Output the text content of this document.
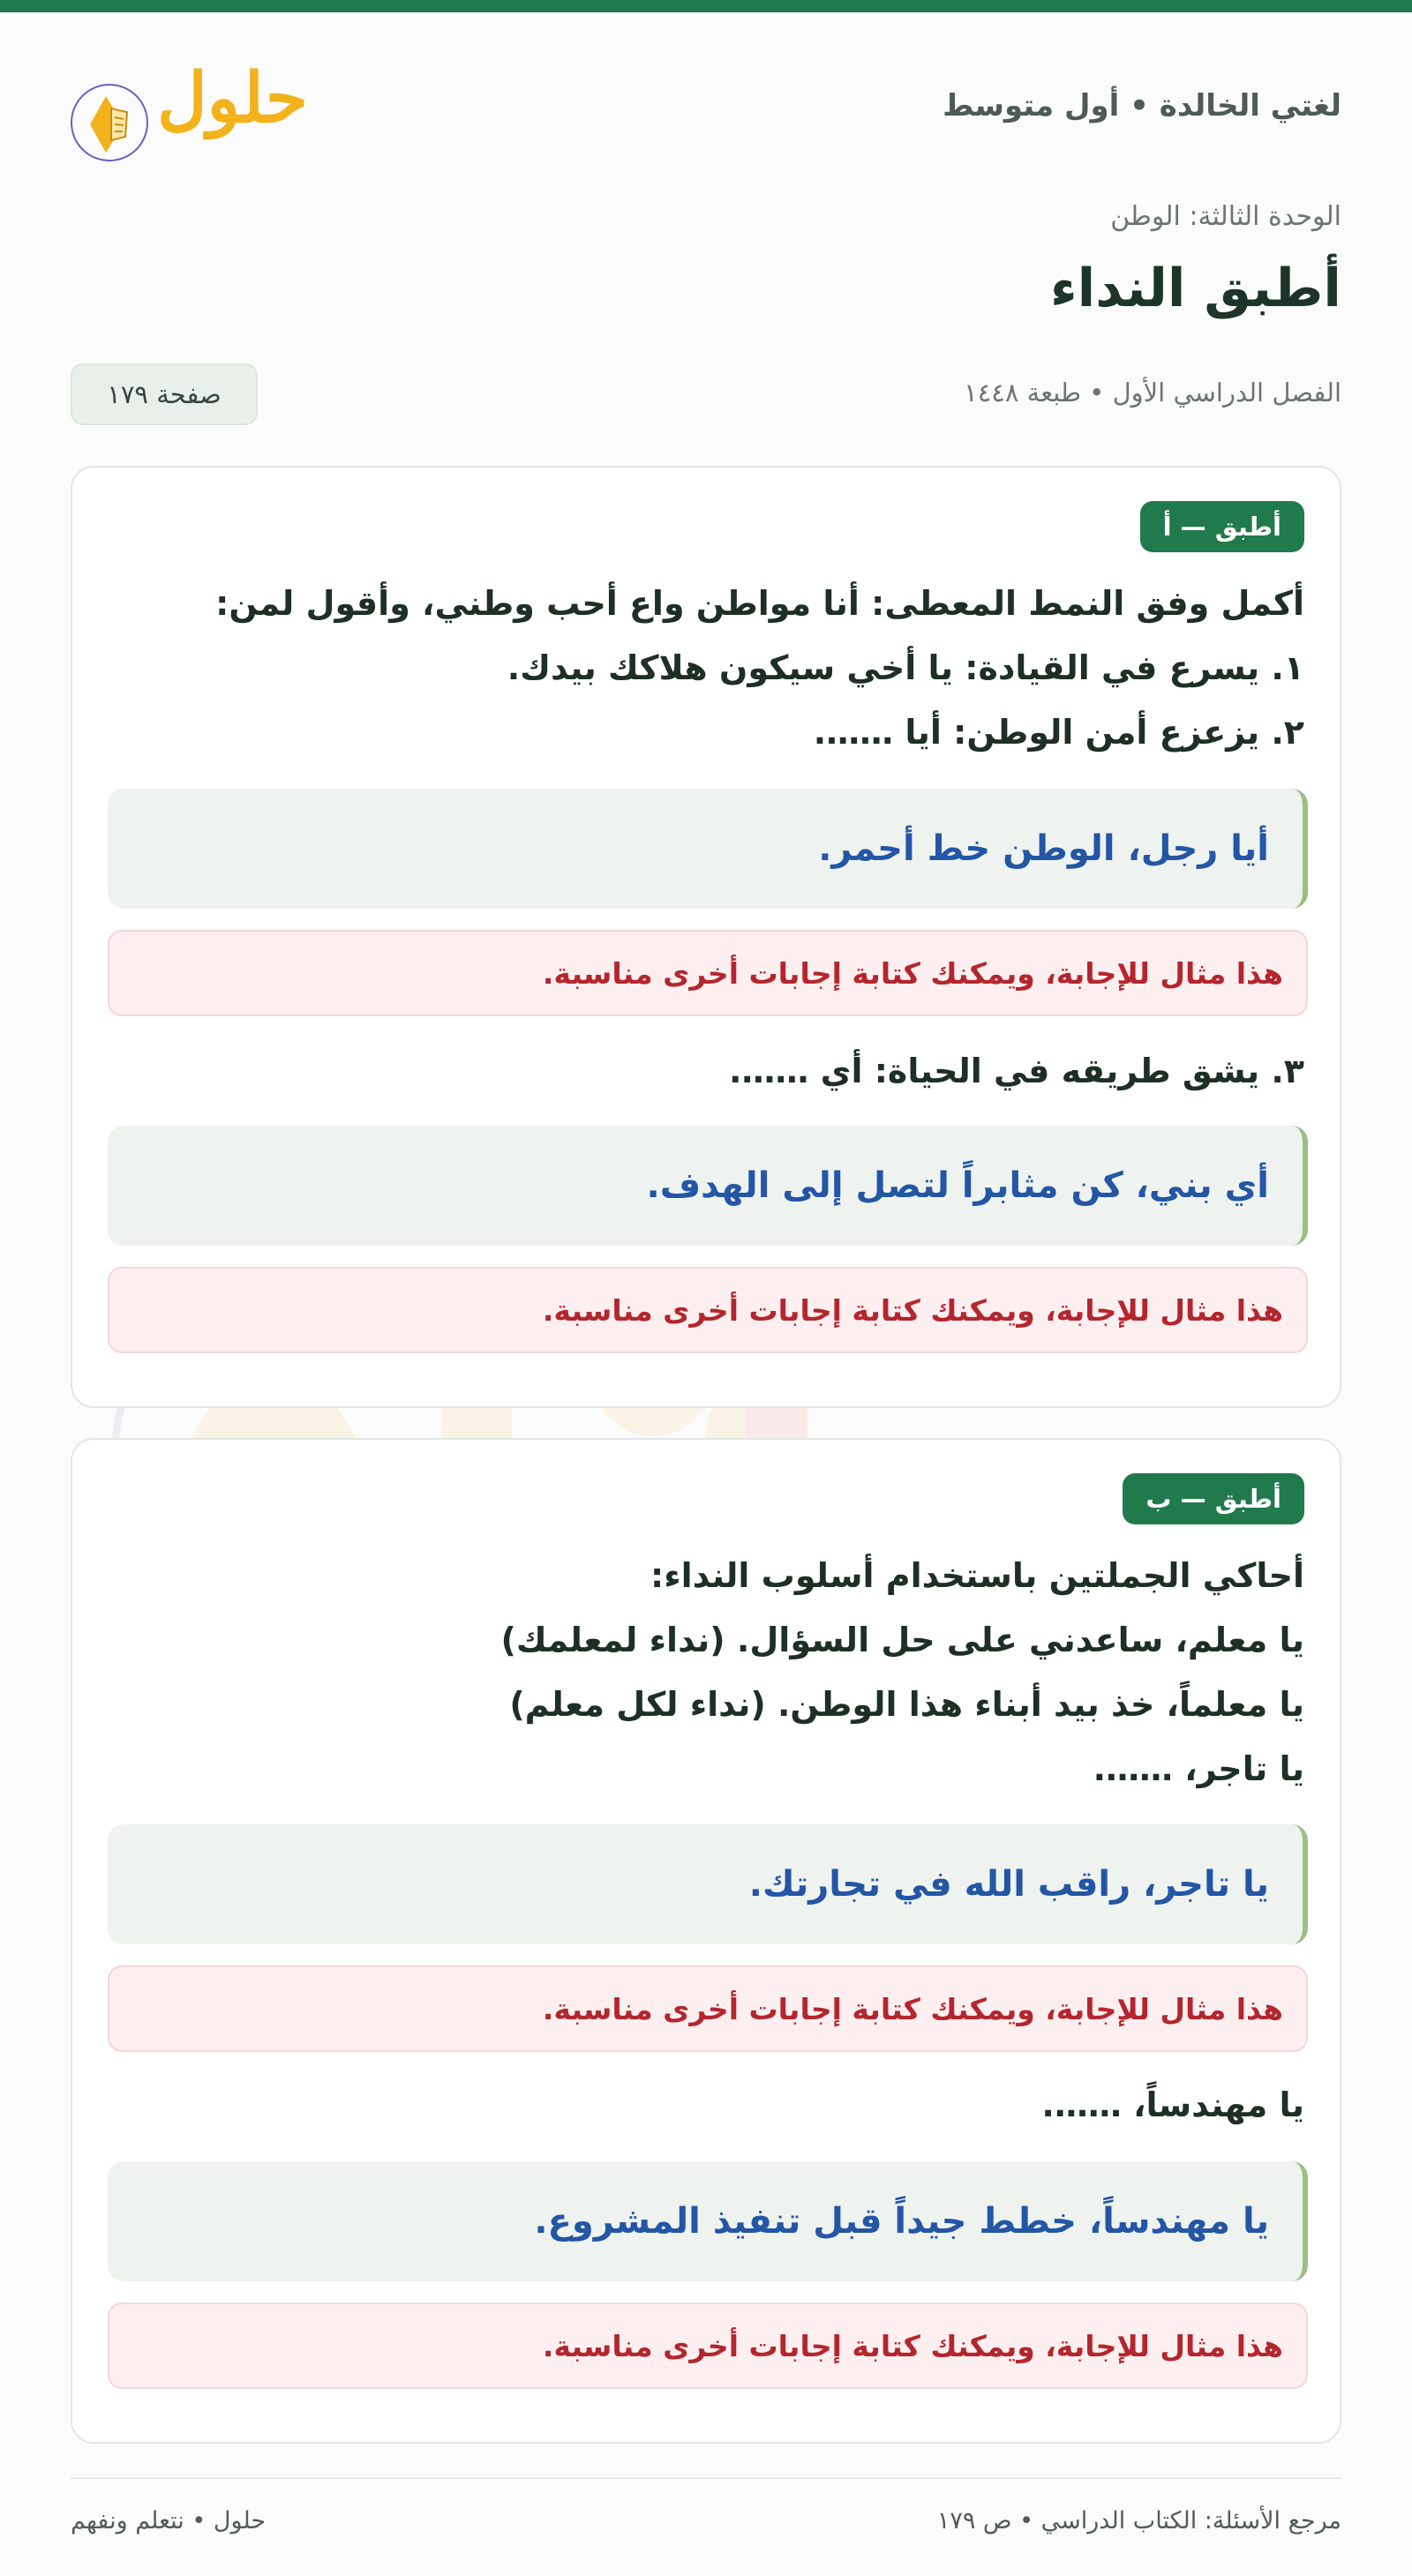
لغتي الخالدة • أول متوسط
حلول
الوحدة الثالثة: الوطن
أطبق النداء
الفصل الدراسي الأول • طبعة ١٤٤٨
صفحة ١٧٩
أطبق — أ
أكمل وفق النمط المعطى: أنا مواطن واع أحب وطني، وأقول لمن:
١. يسرع في القيادة: يا أخي سيكون هلاكك بيدك.
٢. يزعزع أمن الوطن: أيا …….
أيا رجل، الوطن خط أحمر.
هذا مثال للإجابة، ويمكنك كتابة إجابات أخرى مناسبة.
٣. يشق طريقه في الحياة: أي …….
أي بني، كن مثابراً لتصل إلى الهدف.
هذا مثال للإجابة، ويمكنك كتابة إجابات أخرى مناسبة.
أطبق — ب
أحاكي الجملتين باستخدام أسلوب النداء:
يا معلم، ساعدني على حل السؤال. (نداء لمعلمك)
يا معلماً، خذ بيد أبناء هذا الوطن. (نداء لكل معلم)
يا تاجر، …….
يا تاجر، راقب الله في تجارتك.
هذا مثال للإجابة، ويمكنك كتابة إجابات أخرى مناسبة.
يا مهندساً، …….
يا مهندساً، خطط جيداً قبل تنفيذ المشروع.
هذا مثال للإجابة، ويمكنك كتابة إجابات أخرى مناسبة.
مرجع الأسئلة: الكتاب الدراسي • ص ١٧٩
حلول • نتعلم ونفهم
